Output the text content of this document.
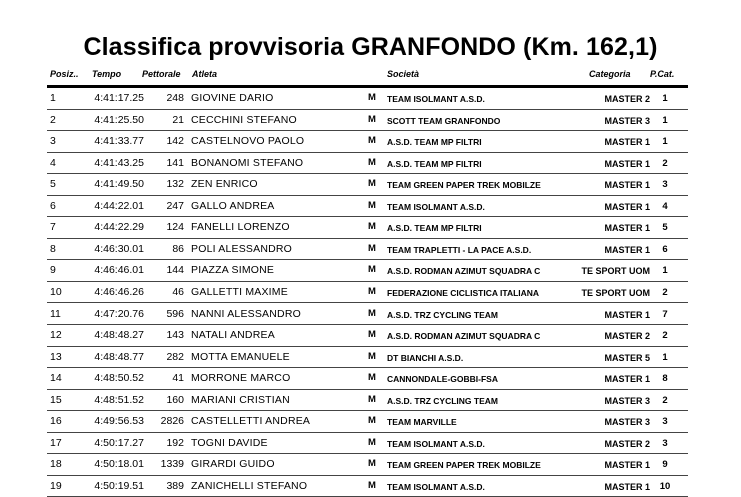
Classifica provvisoria GRANFONDO (Km. 162,1)
Posiz.. Tempo Pettorale Atleta	Società	Categoria P.Cat.
1	4:41:17.25	248 GIOVINE DARIO	M TEAM ISOLMANT A.S.D.	MASTER 2	1
2	4:41:25.50	21 CECCHINI STEFANO	M SCOTT TEAM GRANFONDO	MASTER 3	1
3	4:41:33.77	142 CASTELNOVO PAOLO	M A.S.D. TEAM MP FILTRI	MASTER 1	1
4	4:41:43.25	141 BONANOMI STEFANO	M A.S.D. TEAM MP FILTRI	MASTER 1	2
5	4:41:49.50	132 ZEN ENRICO	M TEAM GREEN PAPER TREK MOBILZE	MASTER 1	3
6	4:44:22.01	247 GALLO ANDREA	M TEAM ISOLMANT A.S.D.	MASTER 1	4
7	4:44:22.29	124 FANELLI LORENZO	M A.S.D. TEAM MP FILTRI	MASTER 1	5
8	4:46:30.01	86 POLI ALESSANDRO	M TEAM TRAPLETTI - LA PACE A.S.D.	MASTER 1	6
9	4:46:46.01	144 PIAZZA SIMONE	M A.S.D. RODMAN AZIMUT SQUADRA C	TE SPORT UOM	1
10	4:46:46.26	46 GALLETTI MAXIME	M FEDERAZIONE CICLISTICA ITALIANA	TE SPORT UOM	2
11	4:47:20.76	596 NANNI ALESSANDRO	M A.S.D. TRZ CYCLING TEAM	MASTER 1	7
12	4:48:48.27	143 NATALI ANDREA	M A.S.D. RODMAN AZIMUT SQUADRA C	MASTER 2	2
13	4:48:48.77	282 MOTTA EMANUELE	M DT BIANCHI A.S.D.	MASTER 5	1
14	4:48:50.52	41 MORRONE MARCO	M CANNONDALE-GOBBI-FSA	MASTER 1	8
15	4:48:51.52	160 MARIANI CRISTIAN	M A.S.D. TRZ CYCLING TEAM	MASTER 3	2
16	4:49:56.53	2826 CASTELLETTI ANDREA	M TEAM MARVILLE	MASTER 3	3
17	4:50:17.27	192 TOGNI DAVIDE	M TEAM ISOLMANT A.S.D.	MASTER 2	3
18	4:50:18.01	1339 GIRARDI GUIDO	M TEAM GREEN PAPER TREK MOBILZE	MASTER 1	9
19	4:50:19.51	389 ZANICHELLI STEFANO	M TEAM ISOLMANT A.S.D.	MASTER 1	10
